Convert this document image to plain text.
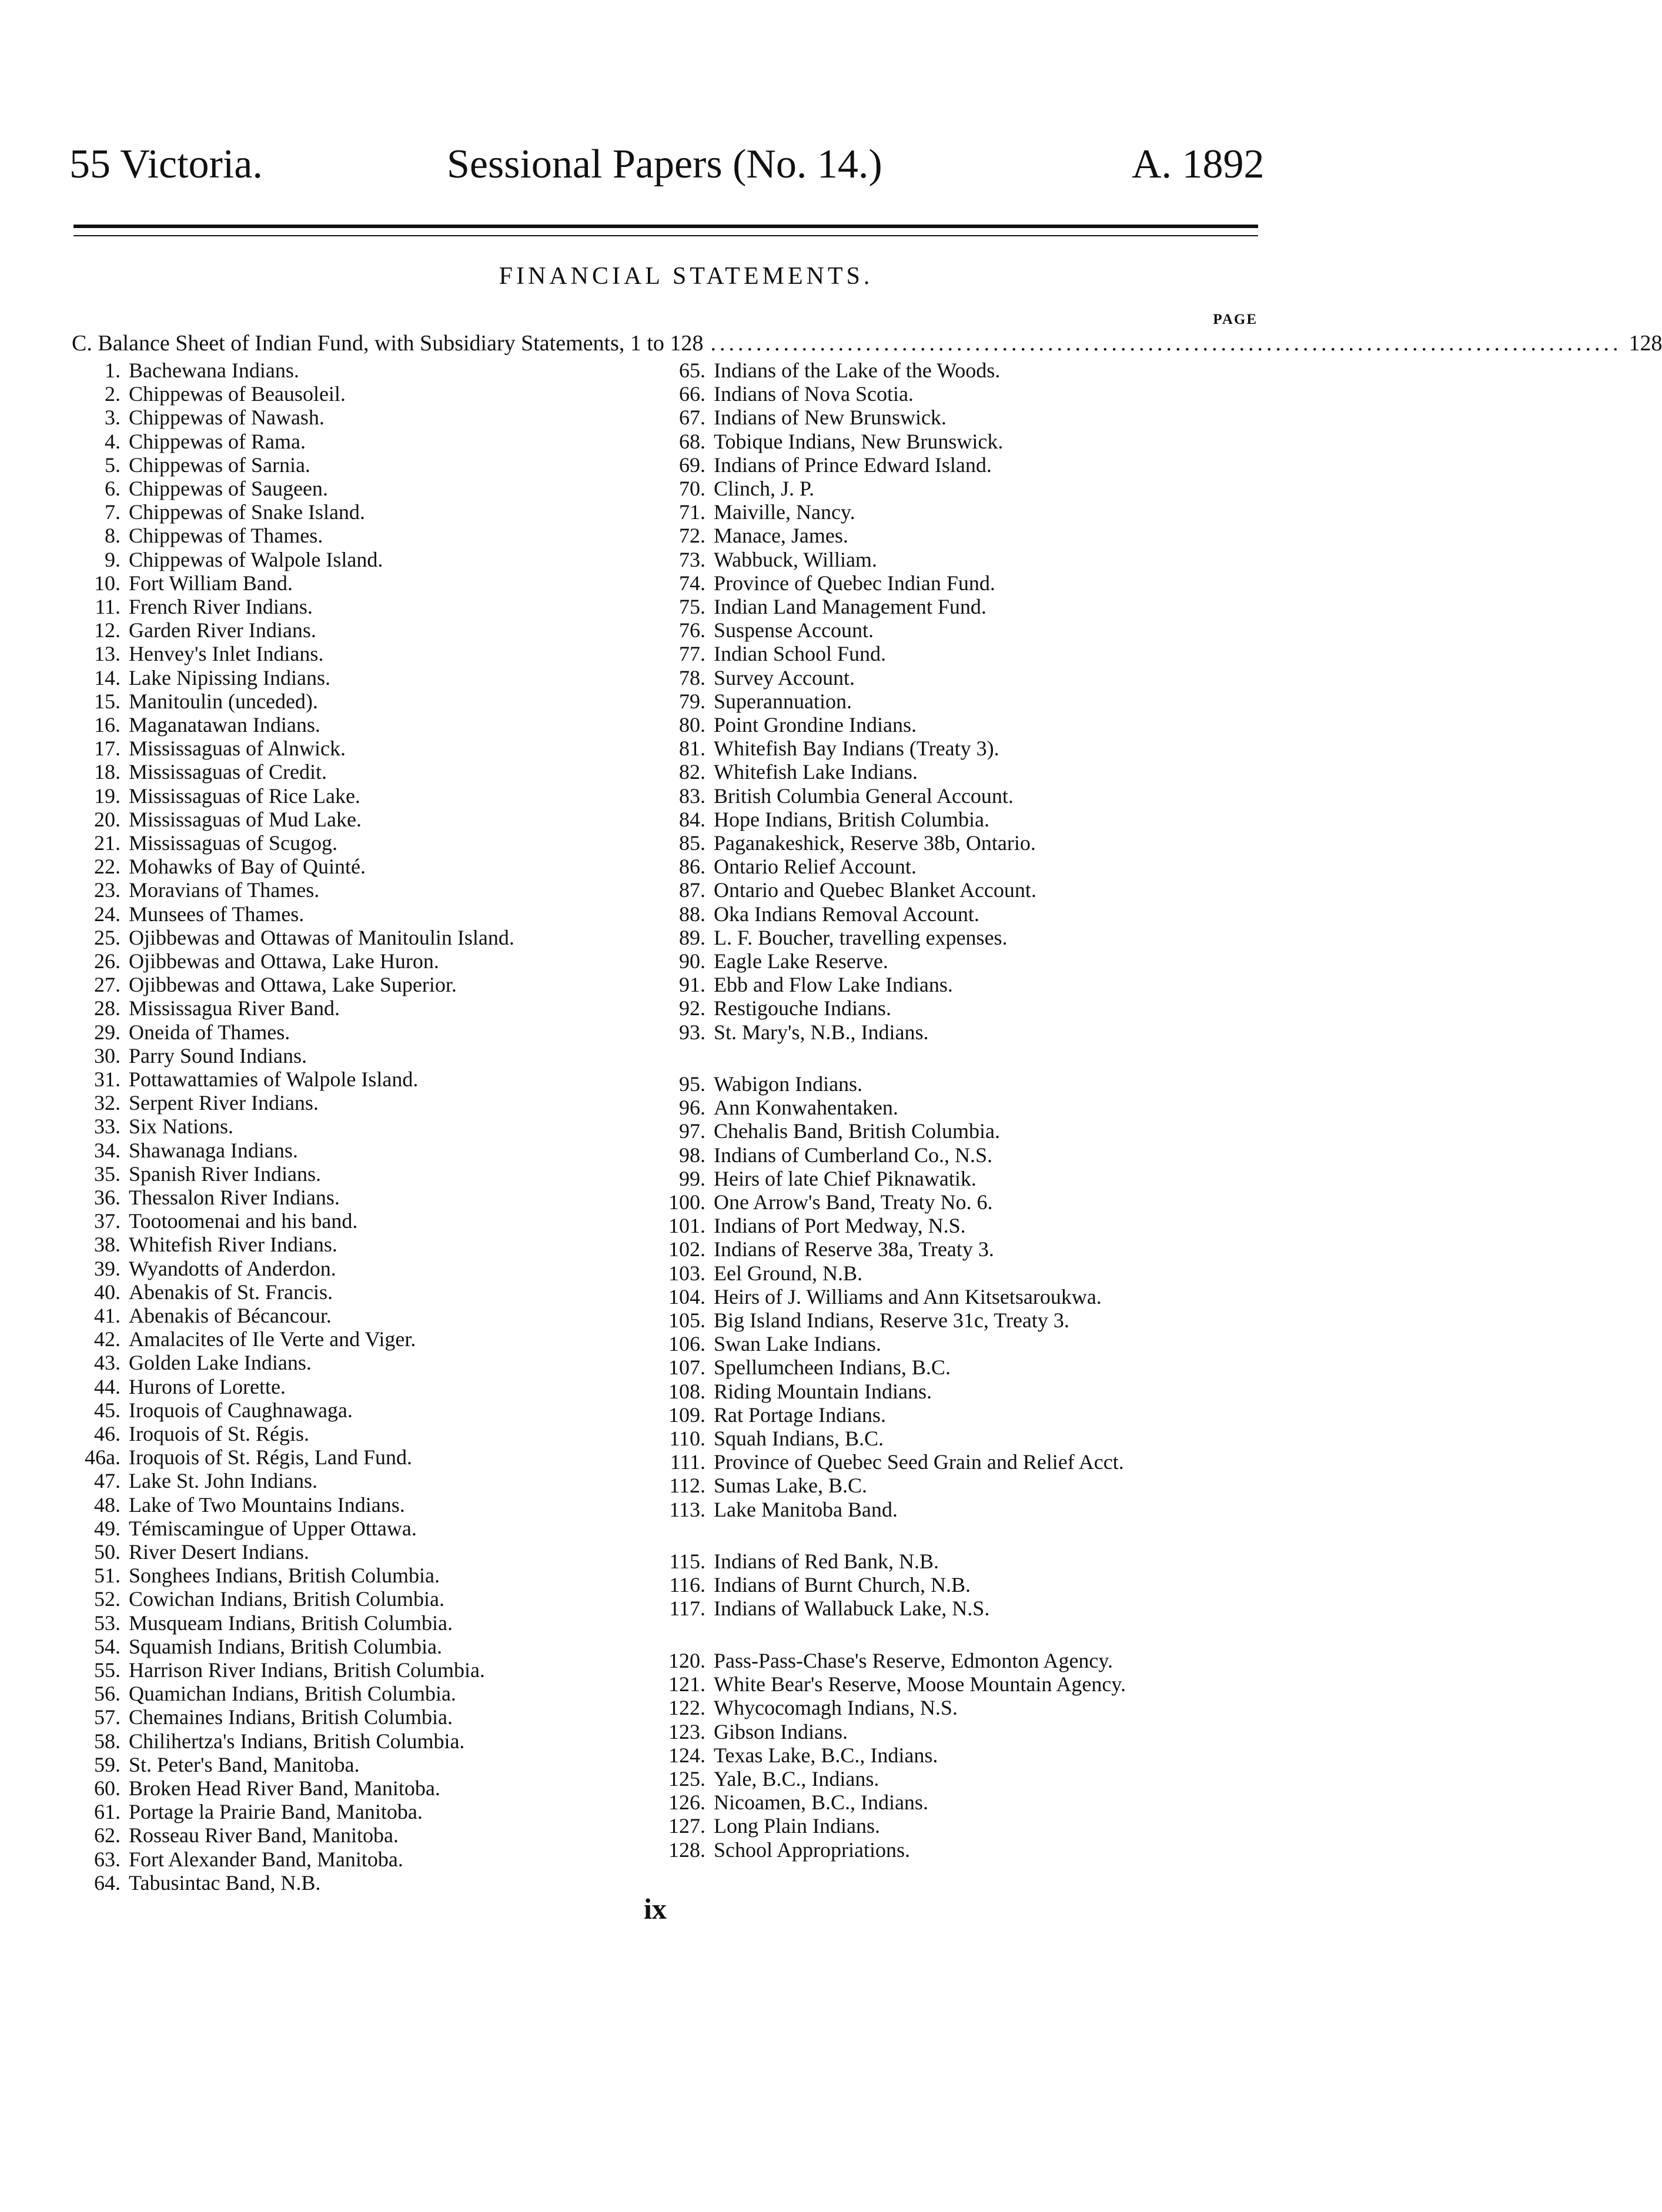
55 Victoria.	Sessional Papers (No. 14.)	A. 1892
FINANCIAL STATEMENTS.
PAGE
C. Balance Sheet of Indian Fund, with Subsidiary Statements, 1 to 128 .................................................................................................... 128
1. Bachewana Indians.
2. Chippewas of Beausoleil.
3. Chippewas of Nawash.
4. Chippewas of Rama.
5. Chippewas of Sarnia.
6. Chippewas of Saugeen.
7. Chippewas of Snake Island.
8. Chippewas of Thames.
9. Chippewas of Walpole Island.
10. Fort William Band.
11. French River Indians.
12. Garden River Indians.
13. Henvey's Inlet Indians.
14. Lake Nipissing Indians.
15. Manitoulin (unceded).
16. Maganatawan Indians.
17. Mississaguas of Alnwick.
18. Mississaguas of Credit.
19. Mississaguas of Rice Lake.
20. Mississaguas of Mud Lake.
21. Mississaguas of Scugog.
22. Mohawks of Bay of Quinté.
23. Moravians of Thames.
24. Munsees of Thames.
25. Ojibbewas and Ottawas of Manitoulin Island.
26. Ojibbewas and Ottawa, Lake Huron.
27. Ojibbewas and Ottawa, Lake Superior.
28. Mississagua River Band.
29. Oneida of Thames.
30. Parry Sound Indians.
31. Pottawattamies of Walpole Island.
32. Serpent River Indians.
33. Six Nations.
34. Shawanaga Indians.
35. Spanish River Indians.
36. Thessalon River Indians.
37. Tootoomenai and his band.
38. Whitefish River Indians.
39. Wyandotts of Anderdon.
40. Abenakis of St. Francis.
41. Abenakis of Bécancour.
42. Amalacites of Ile Verte and Viger.
43. Golden Lake Indians.
44. Hurons of Lorette.
45. Iroquois of Caughnawaga.
46. Iroquois of St. Régis.
46a. Iroquois of St. Régis, Land Fund.
47. Lake St. John Indians.
48. Lake of Two Mountains Indians.
49. Témiscamingue of Upper Ottawa.
50. River Desert Indians.
51. Songhees Indians, British Columbia.
52. Cowichan Indians, British Columbia.
53. Musqueam Indians, British Columbia.
54. Squamish Indians, British Columbia.
55. Harrison River Indians, British Columbia.
56. Quamichan Indians, British Columbia.
57. Chemaines Indians, British Columbia.
58. Chilihertza's Indians, British Columbia.
59. St. Peter's Band, Manitoba.
60. Broken Head River Band, Manitoba.
61. Portage la Prairie Band, Manitoba.
62. Rosseau River Band, Manitoba.
63. Fort Alexander Band, Manitoba.
64. Tabusintac Band, N.B.
65. Indians of the Lake of the Woods.
66. Indians of Nova Scotia.
67. Indians of New Brunswick.
68. Tobique Indians, New Brunswick.
69. Indians of Prince Edward Island.
70. Clinch, J. P.
71. Maiville, Nancy.
72. Manace, James.
73. Wabbuck, William.
74. Province of Quebec Indian Fund.
75. Indian Land Management Fund.
76. Suspense Account.
77. Indian School Fund.
78. Survey Account.
79. Superannuation.
80. Point Grondine Indians.
81. Whitefish Bay Indians (Treaty 3).
82. Whitefish Lake Indians.
83. British Columbia General Account.
84. Hope Indians, British Columbia.
85. Paganakeshick, Reserve 38b, Ontario.
86. Ontario Relief Account.
87. Ontario and Quebec Blanket Account.
88. Oka Indians Removal Account.
89. L. F. Boucher, travelling expenses.
90. Eagle Lake Reserve.
91. Ebb and Flow Lake Indians.
92. Restigouche Indians.
93. St. Mary's, N.B., Indians.
95. Wabigon Indians.
96. Ann Konwahentaken.
97. Chehalis Band, British Columbia.
98. Indians of Cumberland Co., N.S.
99. Heirs of late Chief Piknawatik.
100. One Arrow's Band, Treaty No. 6.
101. Indians of Port Medway, N.S.
102. Indians of Reserve 38a, Treaty 3.
103. Eel Ground, N.B.
104. Heirs of J. Williams and Ann Kitsetsaroukwa.
105. Big Island Indians, Reserve 31c, Treaty 3.
106. Swan Lake Indians.
107. Spellumcheen Indians, B.C.
108. Riding Mountain Indians.
109. Rat Portage Indians.
110. Squah Indians, B.C.
111. Province of Quebec Seed Grain and Relief Acct.
112. Sumas Lake, B.C.
113. Lake Manitoba Band.
115. Indians of Red Bank, N.B.
116. Indians of Burnt Church, N.B.
117. Indians of Wallabuck Lake, N.S.
120. Pass-Pass-Chase's Reserve, Edmonton Agency.
121. White Bear's Reserve, Moose Mountain Agency.
122. Whycocomagh Indians, N.S.
123. Gibson Indians.
124. Texas Lake, B.C., Indians.
125. Yale, B.C., Indians.
126. Nicoamen, B.C., Indians.
127. Long Plain Indians.
128. School Appropriations.
ix
